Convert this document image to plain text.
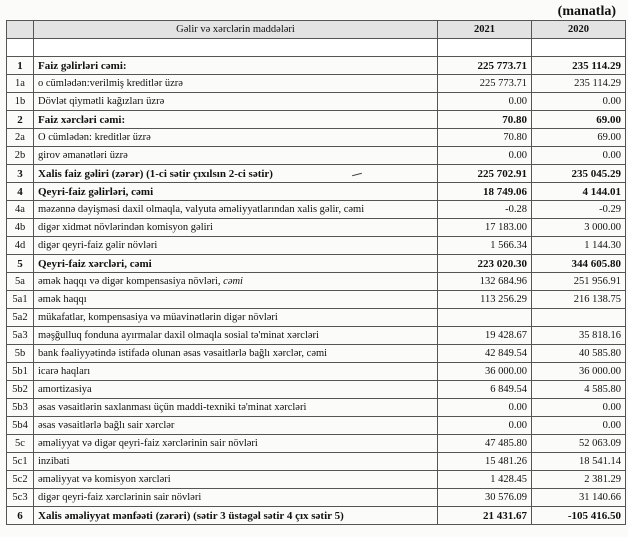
(manatla)
	Gəlir və xərclərin maddələri	2021	2020

1	Faiz gəlirləri cəmi:	225 773.71	235 114.29
1a	o cümlədən:verilmiş kreditlər üzrə	225 773.71	235 114.29
1b	Dövlət qiymətli kağızları üzrə	0.00	0.00
2	Faiz xərcləri cəmi:	70.80	69.00
2a	O cümlədən: kreditlər üzrə	70.80	69.00
2b	girov əmanətləri üzrə	0.00	0.00
3	Xalis faiz gəliri (zərər) (1-ci sətir çıxılsın 2-ci sətir)	225 702.91	235 045.29
4	Qeyri-faiz gəlirləri, cəmi	18 749.06	4 144.01
4a	məzənnə dəyişməsi daxil olmaqla, valyuta əməliyyatlarından xalis gəlir, cəmi	-0.28	-0.29
4b	digər xidmət növlərindən komisyon gəliri	17 183.00	3 000.00
4d	digər qeyri-faiz gəlir növləri	1 566.34	1 144.30
5	Qeyri-faiz xərcləri, cəmi	223 020.30	344 605.80
5a	əmək haqqı və digər kompensasiya növləri, cəmi	132 684.96	251 956.91
5a1	əmək haqqı	113 256.29	216 138.75
5a2	mükafatlar, kompensasiya və müavinətlərin digər növləri		
5a3	məşğulluq fonduna ayırmalar daxil olmaqla sosial tə'minat xərcləri	19 428.67	35 818.16
5b	bank fəaliyyətində istifadə olunan əsas vəsaitlərlə bağlı xərclər, cəmi	42 849.54	40 585.80
5b1	icarə haqları	36 000.00	36 000.00
5b2	amortizasiya	6 849.54	4 585.80
5b3	əsas vəsaitlərin saxlanması üçün maddi-texniki tə'minat xərcləri	0.00	0.00
5b4	əsas vəsaitlərlə bağlı sair xərclər	0.00	0.00
5c	əməliyyat və digər qeyri-faiz xərclərinin sair növləri	47 485.80	52 063.09
5c1	inzibati	15 481.26	18 541.14
5c2	əməliyyat və komisyon xərcləri	1 428.45	2 381.29
5c3	digər qeyri-faiz xərclərinin sair növləri	30 576.09	31 140.66
6	Xalis əməliyyat mənfəəti (zərəri) (sətir 3 üstəgəl sətir 4 çıx sətir 5)	21 431.67	-105 416.50
